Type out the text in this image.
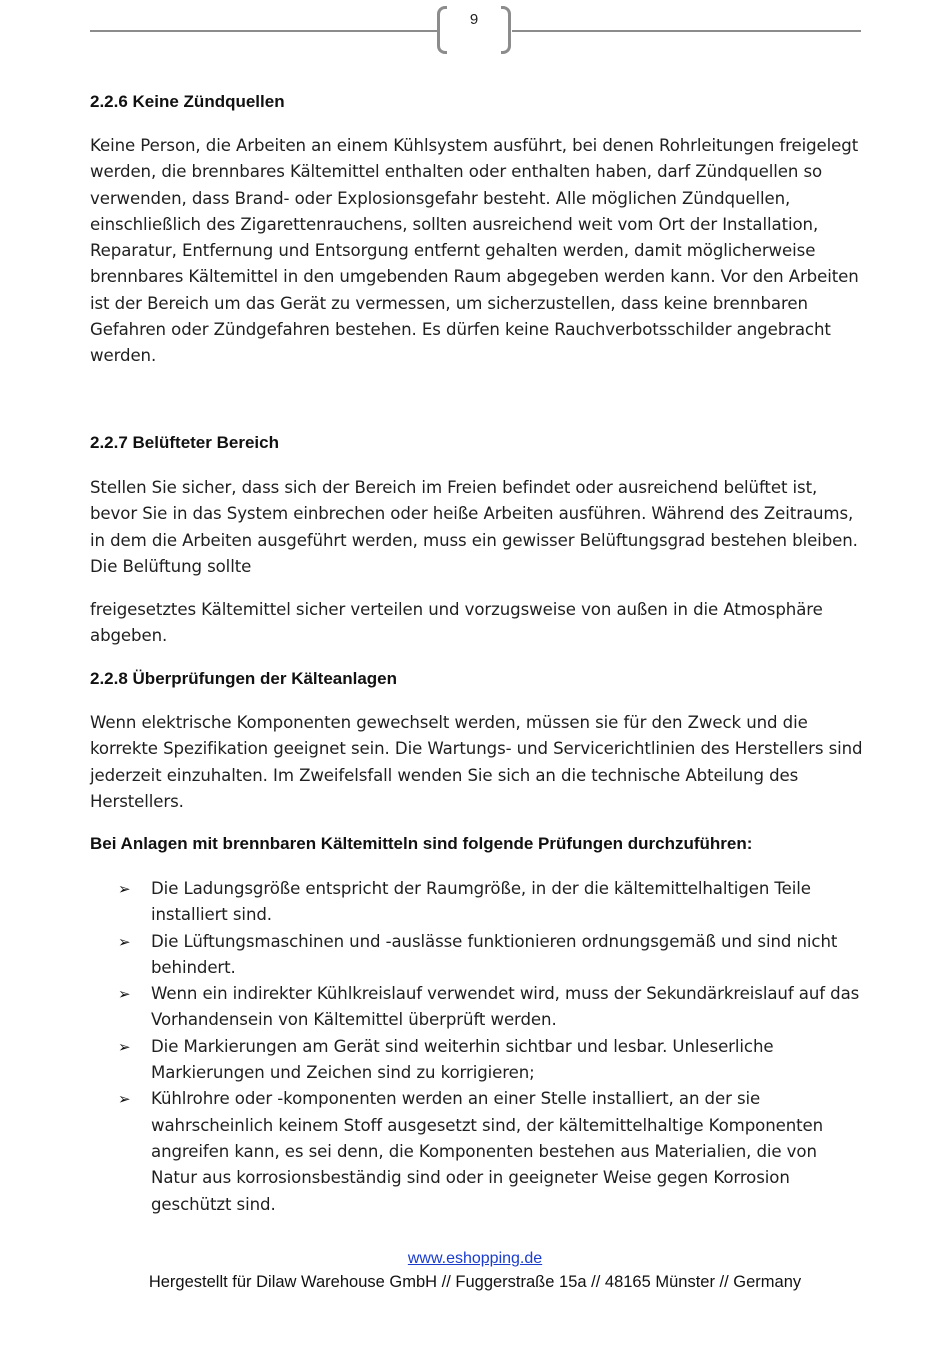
9
2.2.6 Keine Zündquellen

Keine Person, die Arbeiten an einem Kühlsystem ausführt, bei denen Rohrleitungen freigelegt werden, die brennbares Kältemittel enthalten oder enthalten haben, darf Zündquellen so verwenden, dass Brand- oder Explosionsgefahr besteht. Alle möglichen Zündquellen, einschließlich des Zigarettenrauchens, sollten ausreichend weit vom Ort der Installation, Reparatur, Entfernung und Entsorgung entfernt gehalten werden, damit möglicherweise brennbares Kältemittel in den umgebenden Raum abgegeben werden kann. Vor den Arbeiten ist der Bereich um das Gerät zu vermessen, um sicherzustellen, dass keine brennbaren Gefahren oder Zündgefahren bestehen. Es dürfen keine Rauchverbotsschilder angebracht werden.

2.2.7 Belüfteter Bereich

Stellen Sie sicher, dass sich der Bereich im Freien befindet oder ausreichend belüftet ist, bevor Sie in das System einbrechen oder heiße Arbeiten ausführen. Während des Zeitraums, in dem die Arbeiten ausgeführt werden, muss ein gewisser Belüftungsgrad bestehen bleiben. Die Belüftung sollte

freigesetztes Kältemittel sicher verteilen und vorzugsweise von außen in die Atmosphäre abgeben.

2.2.8 Überprüfungen der Kälteanlagen

Wenn elektrische Komponenten gewechselt werden, müssen sie für den Zweck und die korrekte Spezifikation geeignet sein. Die Wartungs- und Servicerichtlinien des Herstellers sind jederzeit einzuhalten. Im Zweifelsfall wenden Sie sich an die technische Abteilung des Herstellers.

Bei Anlagen mit brennbaren Kältemitteln sind folgende Prüfungen durchzuführen:
➢ Die Ladungsgröße entspricht der Raumgröße, in der die kältemittelhaltigen Teile installiert sind.
➢ Die Lüftungsmaschinen und -auslässe funktionieren ordnungsgemäß und sind nicht behindert.
➢ Wenn ein indirekter Kühlkreislauf verwendet wird, muss der Sekundärkreislauf auf das Vorhandensein von Kältemittel überprüft werden.
➢ Die Markierungen am Gerät sind weiterhin sichtbar und lesbar. Unleserliche Markierungen und Zeichen sind zu korrigieren;
➢ Kühlrohre oder -komponenten werden an einer Stelle installiert, an der sie wahrscheinlich keinem Stoff ausgesetzt sind, der kältemittelhaltige Komponenten angreifen kann, es sei denn, die Komponenten bestehen aus Materialien, die von Natur aus korrosionsbeständig sind oder in geeigneter Weise gegen Korrosion geschützt sind.
www.eshopping.de
Hergestellt für Dilaw Warehouse GmbH // Fuggerstraße 15a // 48165 Münster // Germany
